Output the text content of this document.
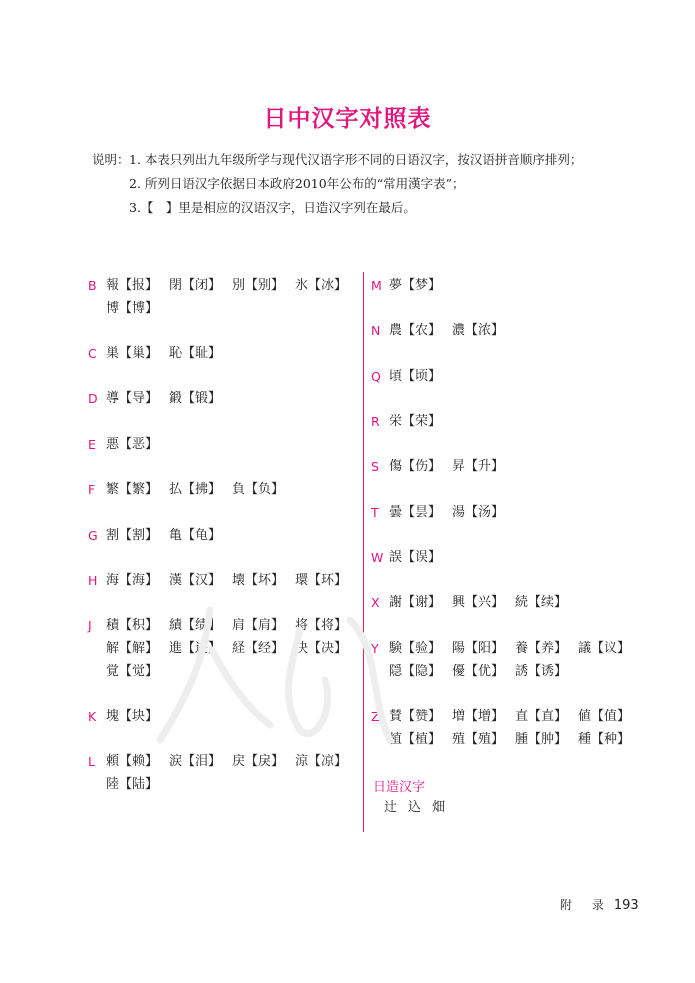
日中汉字对照表
说明： 1. 本表只列出九年级所学与现代汉语字形不同的日语汉字，按汉语拼音顺序排列；
2. 所列日语汉字依据日本政府2010年公布的“常用漢字表”；
3.【　】里是相应的汉语汉字，日造汉字列在最后。
B 報【报】 閉【闭】 別【别】 氷【冰】博【博】
C 巣【巢】 恥【耻】
D 導【导】 鍛【锻】
E 悪【恶】
F 繁【繁】 払【拂】 負【负】
G 割【割】 亀【龟】
H 海【海】 漢【汉】 壊【坏】 環【环】
J	積【积】 績【绩】 肩【肩】 将【将】解【解】 進【进】 経【经】 決【决】覚【觉】
K 塊【块】
L 頼【赖】 涙【泪】 戻【戾】 涼【凉】陸【陆】
M 夢【梦】
N 農【农】 濃【浓】
Q 頃【顷】
R 栄【荣】
S 傷【伤】 昇【升】
T 曇【昙】 湯【汤】
W 誤【误】
X 謝【谢】 興【兴】 続【续】
Y 験【验】 陽【阳】 養【养】 議【议】隠【隐】 優【优】 誘【诱】
Z 賛【赞】 増【增】 直【直】 値【值】植【植】 殖【殖】 腫【肿】 種【种】
日造汉字
辻 込 畑
附 录 193
